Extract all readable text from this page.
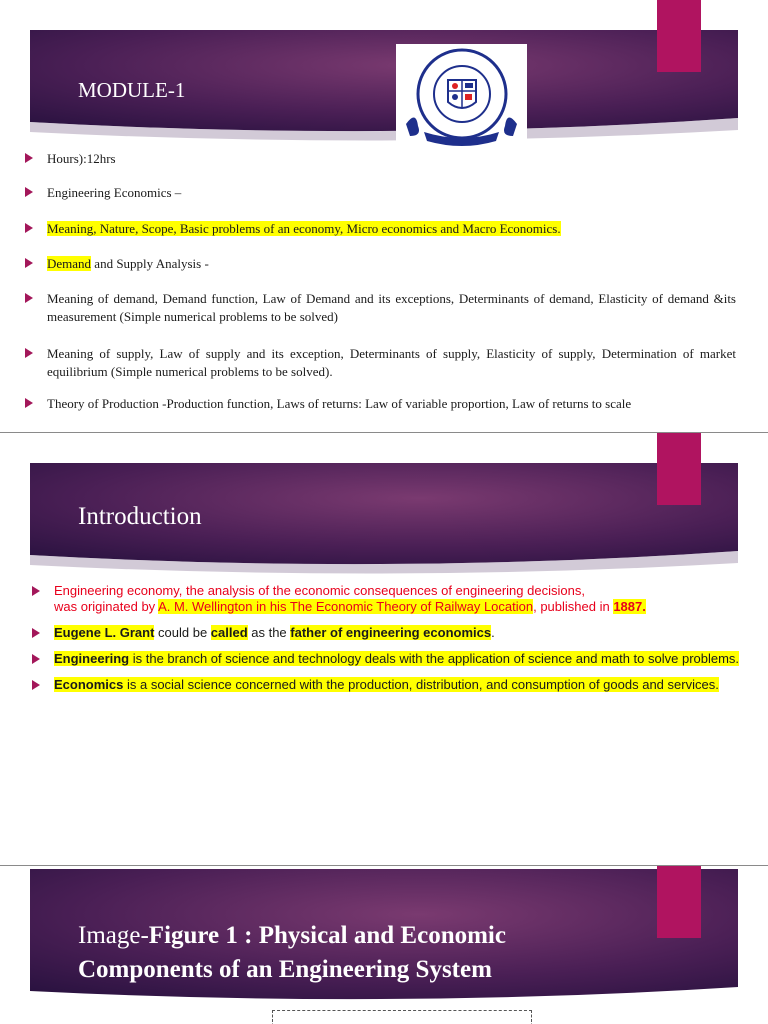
MODULE-1
Hours):12hrs
Engineering Economics –
Meaning, Nature, Scope, Basic problems of an economy, Micro economics and Macro Economics.
Demand and Supply Analysis -
Meaning of demand, Demand function, Law of Demand and its exceptions, Determinants of demand, Elasticity of demand &its measurement (Simple numerical problems to be solved)
Meaning of supply, Law of supply and its exception, Determinants of supply, Elasticity of supply, Determination of market equilibrium (Simple numerical problems to be solved).
Theory of Production -Production function, Laws of returns: Law of variable proportion, Law of returns to scale
Introduction
Engineering economy, the analysis of the economic consequences of engineering decisions,
was originated by A. M. Wellington in his The Economic Theory of Railway Location, published in 1887.
Eugene L. Grant could be called as the father of engineering economics.
Engineering is the branch of science and technology deals with the application of science and math to solve problems.
Economics is a social science concerned with the production, distribution, and consumption of goods and services.
Image-Figure 1 : Physical and Economic
Components of an Engineering System
